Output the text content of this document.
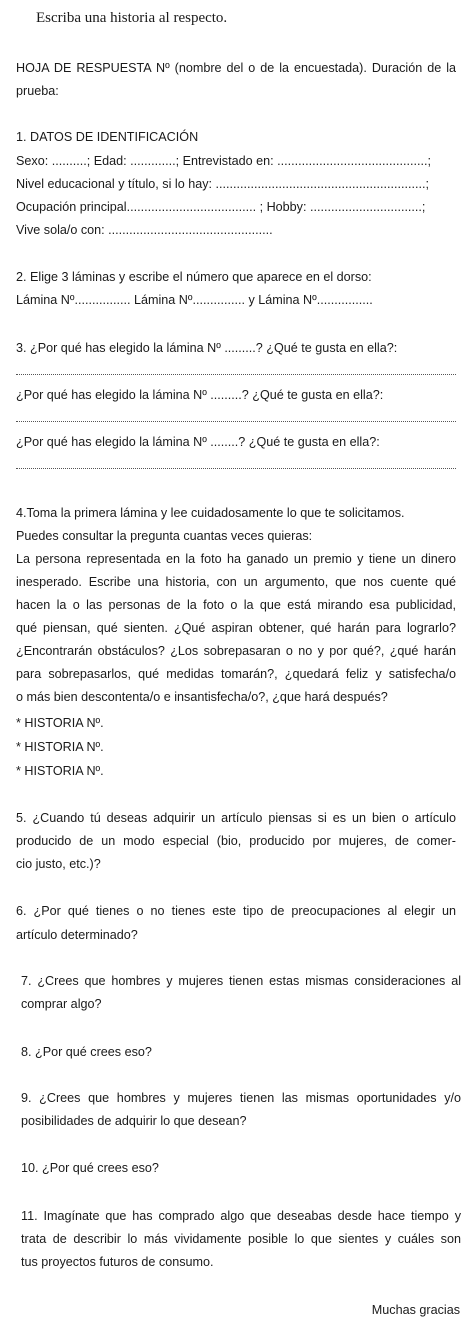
Escriba una historia al respecto.

HOJA DE RESPUESTA Nº (nombre del o de la encuestada). Duración de la

prueba:

1. DATOS DE IDENTIFICACIÓN

Sexo: ..........; Edad: .............; Entrevistado en: ...........................................;

Nivel educacional y título, si lo hay: ............................................................;

Ocupación principal..................................... ; Hobby: ................................;

Vive sola/o con: ...............................................

2. Elige 3 láminas y escribe el número que aparece en el dorso:

Lámina Nº................ Lámina Nº............... y Lámina Nº................

3. ¿Por qué has elegido la lámina Nº .........? ¿Qué te gusta en ella?:

¿Por qué has elegido la lámina Nº .........? ¿Qué te gusta en ella?:

¿Por qué has elegido la lámina Nº ........? ¿Qué te gusta en ella?:

4.Toma la primera lámina y lee cuidadosamente lo que te solicitamos.

Puedes consultar la pregunta cuantas veces quieras:

La persona representada en la foto ha ganado un premio y tiene un dinero

inesperado. Escribe una historia, con un argumento, que nos cuente qué

hacen la o las personas de la foto o la que está mirando esa publicidad,

qué piensan, qué sienten. ¿Qué aspiran obtener, qué harán para lograrlo?

¿Encontrarán obstáculos? ¿Los sobrepasaran o no y por qué?, ¿qué harán

para sobrepasarlos, qué medidas tomarán?, ¿quedará feliz y satisfecha/o

o más bien descontenta/o e insantisfecha/o?, ¿que hará después?

* HISTORIA Nº.

* HISTORIA Nº.

* HISTORIA Nº.

5. ¿Cuando tú deseas adquirir un artículo piensas si es un bien o artículo

producido de un modo especial (bio, producido por mujeres, de comer-

cio justo, etc.)?

6. ¿Por qué tienes o no tienes este tipo de preocupaciones al elegir un

artículo determinado?

7. ¿Crees que hombres y mujeres tienen estas mismas consideraciones al

comprar algo?

8. ¿Por qué crees eso?

9. ¿Crees que hombres y mujeres tienen las mismas oportunidades y/o

posibilidades de adquirir lo que desean?

10. ¿Por qué crees eso?

11. Imagínate que has comprado algo que deseabas desde hace tiempo y

trata de describir lo más vividamente posible lo que sientes y cuáles son

tus proyectos futuros de consumo.

Muchas gracias
